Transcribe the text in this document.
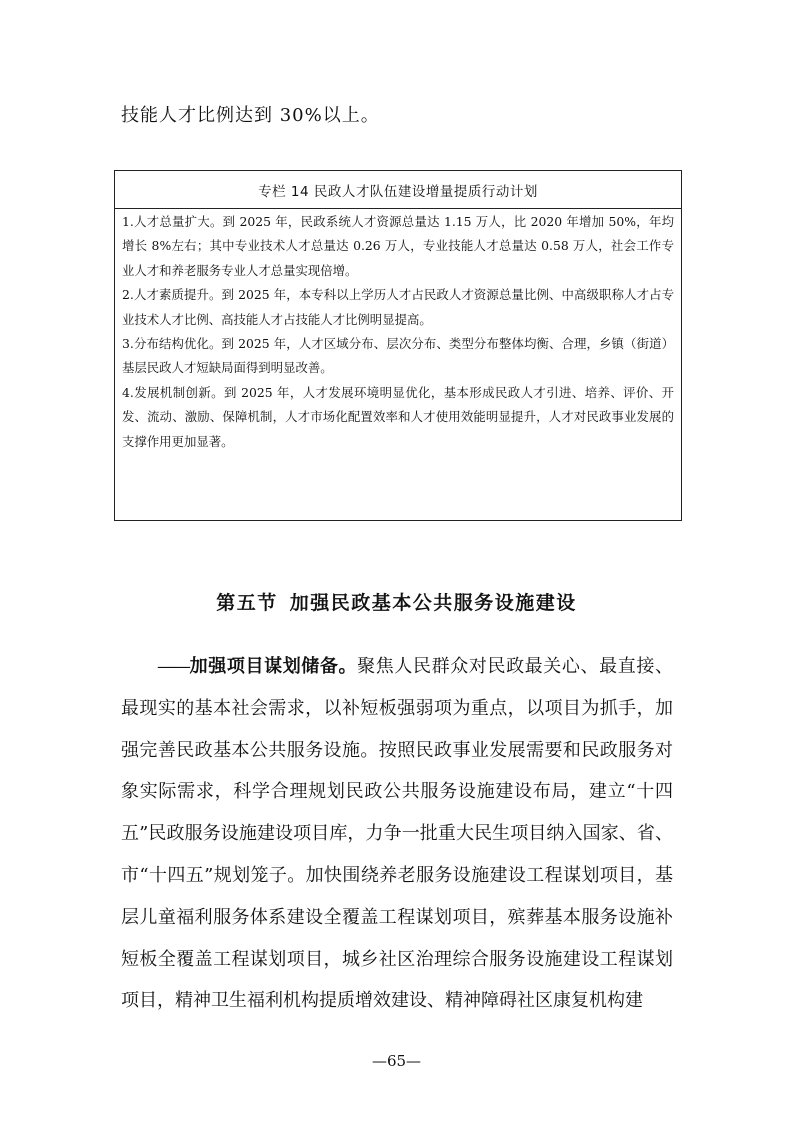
技能人才比例达到 30%以上。
专栏 14 民政人才队伍建设增量提质行动计划

1.人才总量扩大。到 2025 年，民政系统人才资源总量达 1.15 万人，比 2020 年增加 50%，年均增长 8%左右；其中专业技术人才总量达 0.26 万人，专业技能人才总量达 0.58 万人，社会工作专业人才和养老服务专业人才总量实现倍增。

2.人才素质提升。到 2025 年，本专科以上学历人才占民政人才资源总量比例、中高级职称人才占专业技术人才比例、高技能人才占技能人才比例明显提高。

3.分布结构优化。到 2025 年，人才区域分布、层次分布、类型分布整体均衡、合理，乡镇（街道）基层民政人才短缺局面得到明显改善。

4.发展机制创新。到 2025 年，人才发展环境明显优化，基本形成民政人才引进、培养、评价、开发、流动、激励、保障机制，人才市场化配置效率和人才使用效能明显提升，人才对民政事业发展的支撑作用更加显著。

第五节 加强民政基本公共服务设施建设

——加强项目谋划储备。聚焦人民群众对民政最关心、最直接、最现实的基本社会需求，以补短板强弱项为重点，以项目为抓手，加强完善民政基本公共服务设施。按照民政事业发展需要和民政服务对象实际需求，科学合理规划民政公共服务设施建设布局，建立“十四五”民政服务设施建设项目库，力争一批重大民生项目纳入国家、省、市“十四五”规划笼子。加快围绕养老服务设施建设工程谋划项目，基层儿童福利服务体系建设全覆盖工程谋划项目，殡葬基本服务设施补短板全覆盖工程谋划项目，城乡社区治理综合服务设施建设工程谋划项目，精神卫生福利机构提质增效建设、精神障碍社区康复机构建

—65—
